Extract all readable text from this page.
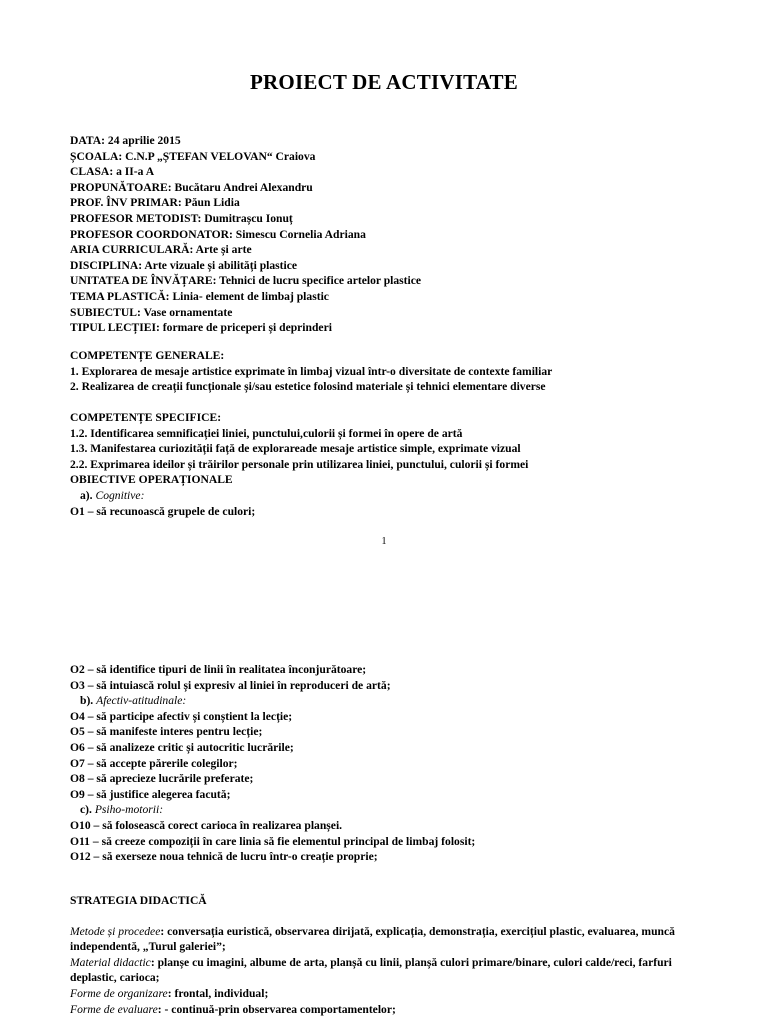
PROIECT DE ACTIVITATE
DATA: 24 aprilie 2015
ȘCOALA: C.N.P „ȘTEFAN VELOVAN“ Craiova
CLASA: a II-a A
PROPUNĂTOARE: Bucătaru Andrei Alexandru
PROF. ÎNV PRIMAR: Păun Lidia
PROFESOR METODIST: Dumitrașcu Ionuț
PROFESOR COORDONATOR: Simescu Cornelia Adriana
ARIA CURRICULARĂ: Arte și arte
DISCIPLINA: Arte vizuale și abilități plastice
UNITATEA DE ÎNVĂȚARE: Tehnici de lucru specifice artelor plastice
TEMA PLASTICĂ: Linia- element de limbaj plastic
SUBIECTUL: Vase ornamentate
TIPUL LECȚIEI: formare de priceperi și deprinderi
COMPETENȚE GENERALE:
1. Explorarea de mesaje artistice exprimate în limbaj vizual într-o diversitate de contexte familiar
2. Realizarea de creații funcționale și/sau estetice folosind materiale și tehnici elementare diverse
COMPETENȚE SPECIFICE:
1.2. Identificarea semnificației liniei, punctului,culorii și formei în opere de artă
1.3. Manifestarea curiozității față de explorareade mesaje artistice simple, exprimate vizual
2.2. Exprimarea ideilor și trăirilor personale prin utilizarea liniei, punctului, culorii și formei
OBIECTIVE OPERAȚIONALE
a). Cognitive:
O1 – să recunoască grupele de culori;
1
O2 – să identifice tipuri de linii în realitatea înconjurătoare;
O3 – să intuiască rolul și expresiv al liniei în reproduceri de artă;
b). Afectiv-atitudinale:
O4 – să participe afectiv și conștient la lecție;
O5 – să manifeste interes pentru lecție;
O6 – să analizeze critic și autocritic lucrările;
O7 – să accepte părerile colegilor;
O8 – să aprecieze lucrările preferate;
O9 – să justifice alegerea facută;
c). Psiho-motorii:
O10 – să folosească corect carioca în realizarea planșei.
O11 – să creeze compoziții în care linia să fie elementul principal de limbaj folosit;
O12 – să exerseze noua tehnică de lucru într-o creație proprie;
STRATEGIA DIDACTICĂ
Metode și procedee: conversația euristică, observarea dirijată, explicația, demonstrația, exercițiul plastic, evaluarea, muncă independentă, „Turul galeriei”;
Material didactic: planșe cu imagini, albume de arta, planșă cu linii, planșă culori primare/binare, culori calde/reci, farfuri deplastic, carioca;
Forme de organizare: frontal, individual;
Forme de evaluare: - continuă-prin observarea comportamentelor;
